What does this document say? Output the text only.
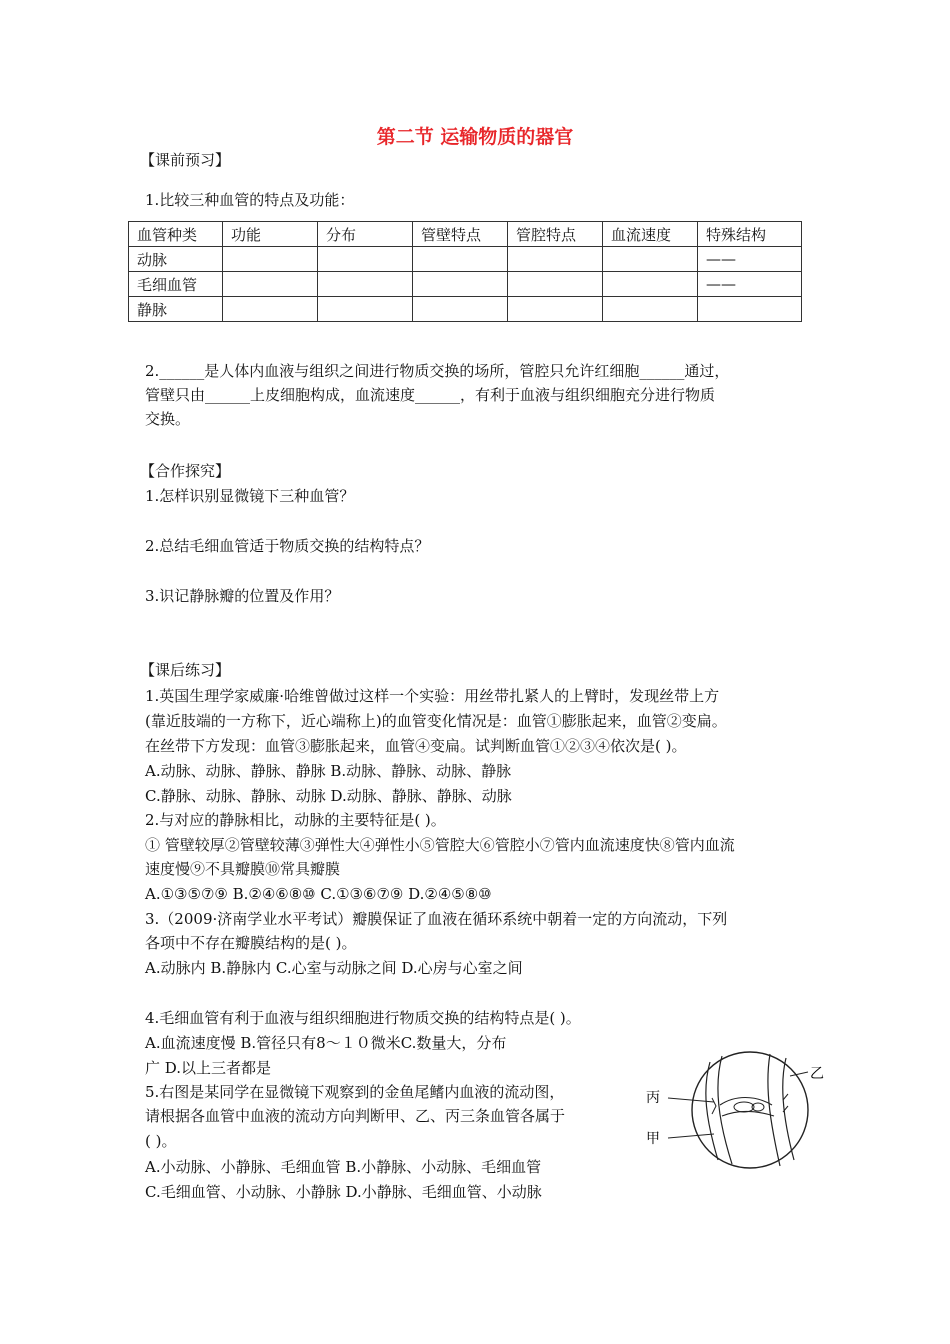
第二节 运输物质的器官
【课前预习】
1.比较三种血管的特点及功能：
血管种类	功能	分布	管壁特点	管腔特点	血流速度	特殊结构
动脉						——
毛细血管						——
静脉						
2.______是人体内血液与组织之间进行物质交换的场所，管腔只允许红细胞______通过，
管壁只由______上皮细胞构成，血流速度______，有利于血液与组织细胞充分进行物质
交换。
【合作探究】
1.怎样识别显微镜下三种血管？
2.总结毛细血管适于物质交换的结构特点？
3.识记静脉瓣的位置及作用？
【课后练习】
1.英国生理学家威廉·哈维曾做过这样一个实验：用丝带扎紧人的上臂时，发现丝带上方
(靠近肢端的一方称下，近心端称上)的血管变化情况是：血管①膨胀起来，血管②变扁。
在丝带下方发现：血管③膨胀起来，血管④变扁。试判断血管①②③④依次是( )。
A.动脉、动脉、静脉、静脉 B.动脉、静脉、动脉、静脉
C.静脉、动脉、静脉、动脉 D.动脉、静脉、静脉、动脉
2.与对应的静脉相比，动脉的主要特征是( )。
① 管壁较厚②管壁较薄③弹性大④弹性小⑤管腔大⑥管腔小⑦管内血流速度快⑧管内血流
速度慢⑨不具瓣膜⑩常具瓣膜
A.①③⑤⑦⑨ B.②④⑥⑧⑩ C.①③⑥⑦⑨ D.②④⑤⑧⑩
3.（2009·济南学业水平考试）瓣膜保证了血液在循环系统中朝着一定的方向流动，下列
各项中不存在瓣膜结构的是( )。
A.动脉内 B.静脉内 C.心室与动脉之间 D.心房与心室之间
4.毛细血管有利于血液与组织细胞进行物质交换的结构特点是( )。
A.血流速度慢 B.管径只有8～１０微米C.数量大，分布
广 D.以上三者都是
5.右图是某同学在显微镜下观察到的金鱼尾鳍内血液的流动图，
请根据各血管中血液的流动方向判断甲、乙、丙三条血管各属于
( )。
A.小动脉、小静脉、毛细血管 B.小静脉、小动脉、毛细血管
C.毛细血管、小动脉、小静脉 D.小静脉、毛细血管、小动脉
乙
丙
甲
